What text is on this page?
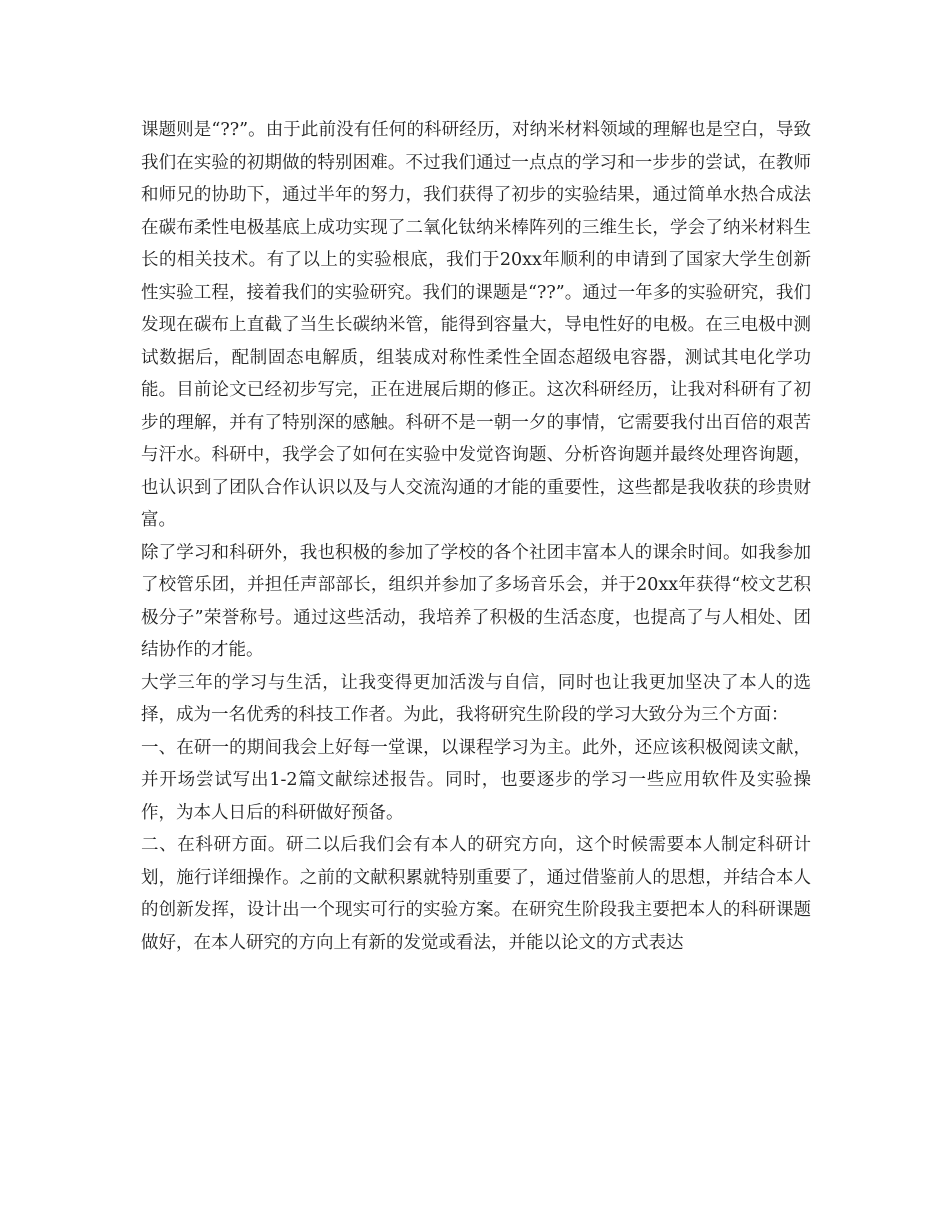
课题则是“??”。由于此前没有任何的科研经历，对纳米材料领域的理解也是空白，导致我们在实验的初期做的特别困难。不过我们通过一点点的学习和一步步的尝试，在教师和师兄的协助下，通过半年的努力，我们获得了初步的实验结果，通过简单水热合成法在碳布柔性电极基底上成功实现了二氧化钛纳米棒阵列的三维生长，学会了纳米材料生长的相关技术。有了以上的实验根底，我们于20xx年顺利的申请到了国家大学生创新性实验工程，接着我们的实验研究。我们的课题是“??”。通过一年多的实验研究，我们发现在碳布上直截了当生长碳纳米管，能得到容量大，导电性好的电极。在三电极中测试数据后，配制固态电解质，组装成对称性柔性全固态超级电容器，测试其电化学功能。目前论文已经初步写完，正在进展后期的修正。这次科研经历，让我对科研有了初步的理解，并有了特别深的感触。科研不是一朝一夕的事情，它需要我付出百倍的艰苦与汗水。科研中，我学会了如何在实验中发觉咨询题、分析咨询题并最终处理咨询题，也认识到了团队合作认识以及与人交流沟通的才能的重要性，这些都是我收获的珍贵财富。

除了学习和科研外，我也积极的参加了学校的各个社团丰富本人的课余时间。如我参加了校管乐团，并担任声部部长，组织并参加了多场音乐会，并于20xx年获得“校文艺积极分子”荣誉称号。通过这些活动，我培养了积极的生活态度，也提高了与人相处、团结协作的才能。

大学三年的学习与生活，让我变得更加活泼与自信，同时也让我更加坚决了本人的选择，成为一名优秀的科技工作者。为此，我将研究生阶段的学习大致分为三个方面：

一、在研一的期间我会上好每一堂课，以课程学习为主。此外，还应该积极阅读文献，并开场尝试写出1-2篇文献综述报告。同时，也要逐步的学习一些应用软件及实验操作，为本人日后的科研做好预备。

二、在科研方面。研二以后我们会有本人的研究方向，这个时候需要本人制定科研计划，施行详细操作。之前的文献积累就特别重要了，通过借鉴前人的思想，并结合本人的创新发挥，设计出一个现实可行的实验方案。在研究生阶段我主要把本人的科研课题做好，在本人研究的方向上有新的发觉或看法，并能以论文的方式表达
